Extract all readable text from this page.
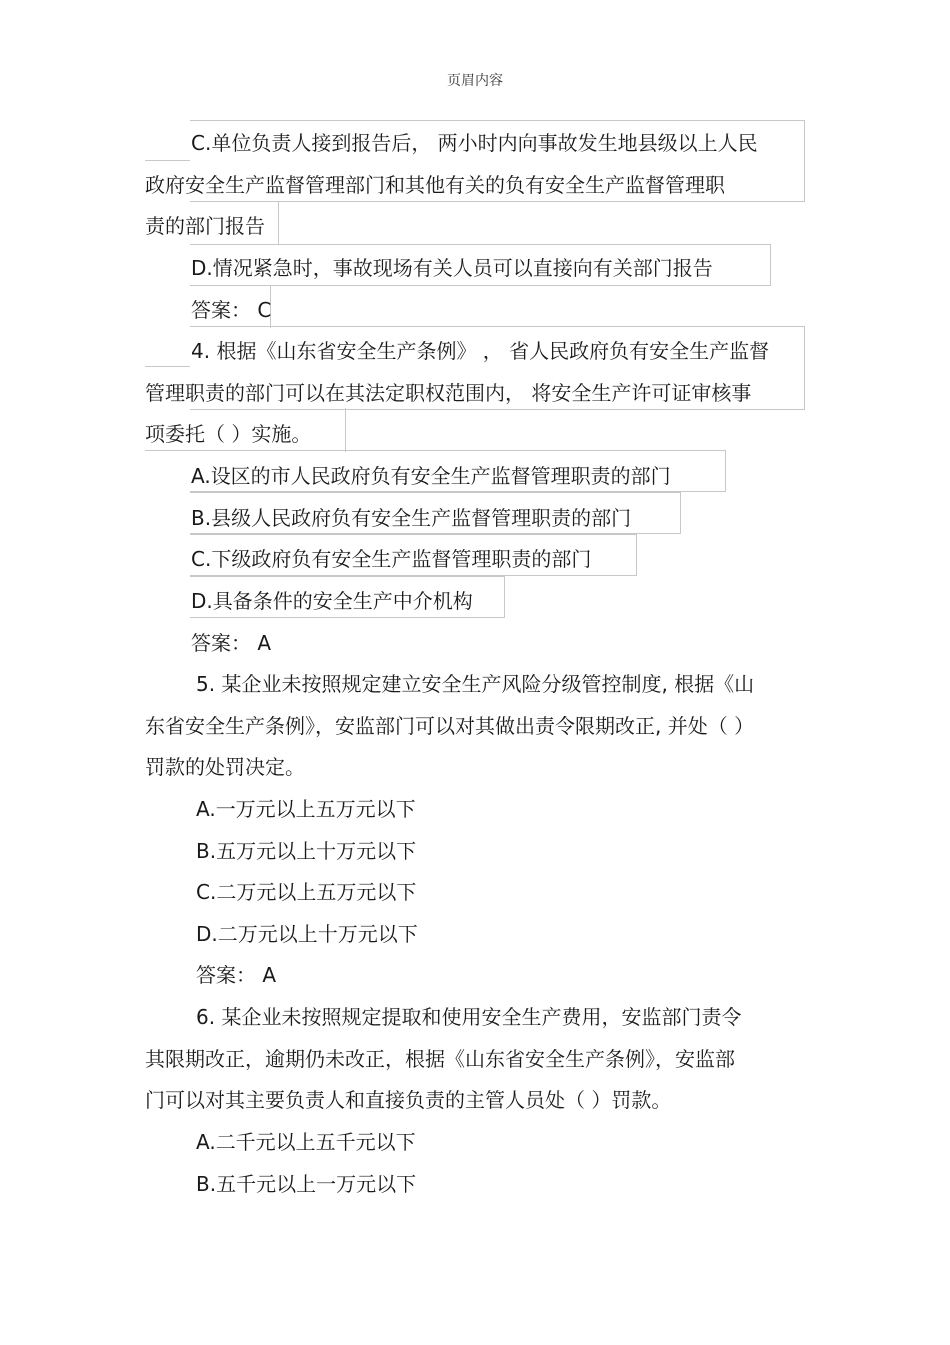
页眉内容
C.单位负责人接到报告后， 两小时内向事故发生地县级以上人民
政府安全生产监督管理部门和其他有关的负有安全生产监督管理职
责的部门报告
D.情况紧急时，事故现场有关人员可以直接向有关部门报告
答案： C
4. 根据《山东省安全生产条例》 ， 省人民政府负有安全生产监督
管理职责的部门可以在其法定职权范围内， 将安全生产许可证审核事
项委托（ ）实施。
A.设区的市人民政府负有安全生产监督管理职责的部门
B.县级人民政府负有安全生产监督管理职责的部门
C.下级政府负有安全生产监督管理职责的部门
D.具备条件的安全生产中介机构
答案： A
5. 某企业未按照规定建立安全生产风险分级管控制度, 根据《山
东省安全生产条例》，安监部门可以对其做出责令限期改正, 并处（ ）
罚款的处罚决定。
A.一万元以上五万元以下
B.五万元以上十万元以下
C.二万元以上五万元以下
D.二万元以上十万元以下
答案： A
6. 某企业未按照规定提取和使用安全生产费用，安监部门责令
其限期改正，逾期仍未改正，根据《山东省安全生产条例》，安监部
门可以对其主要负责人和直接负责的主管人员处（ ）罚款。
A.二千元以上五千元以下
B.五千元以上一万元以下
